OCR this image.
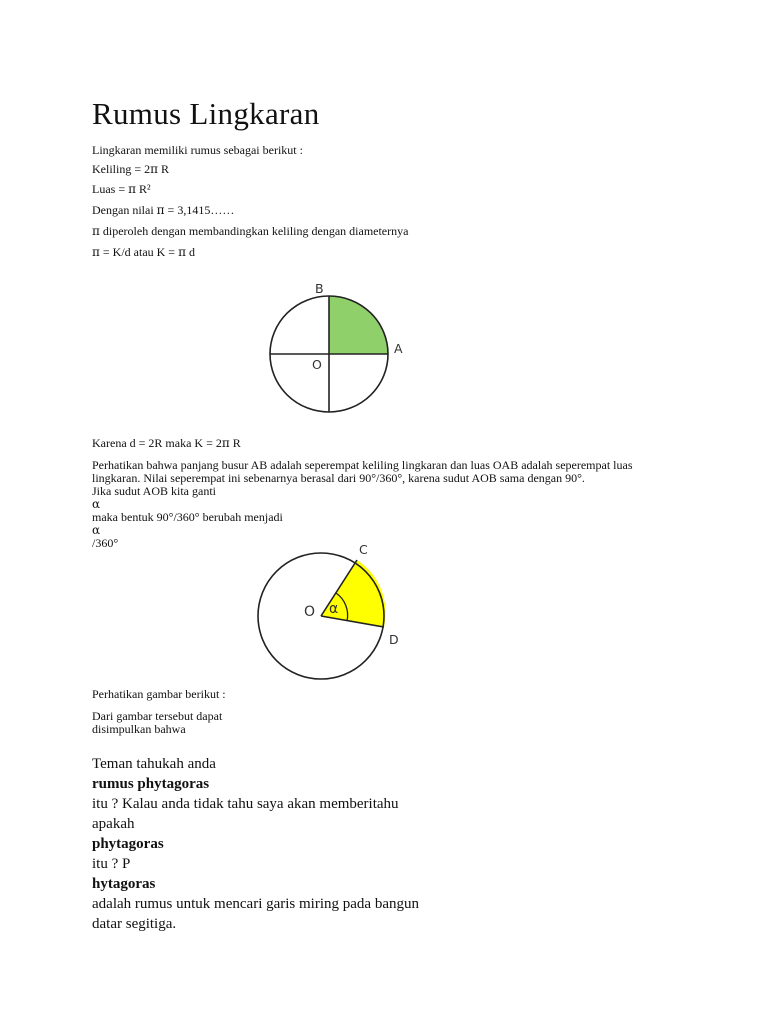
Rumus Lingkaran
Lingkaran memiliki rumus sebagai berikut :
Keliling = 2π R
Luas = π R²
Dengan nilai π = 3,1415……
π diperoleh dengan membandingkan keliling dengan diameternya
π = K/d atau K = π d
B
A
O
Karena d = 2R maka K = 2π R
Perhatikan bahwa panjang busur AB adalah seperempat keliling lingkaran dan luas OAB adalah seperempat luas
lingkaran. Nilai seperempat ini sebenarnya berasal dari 90°/360°, karena sudut AOB sama dengan 90°.
Jika sudut AOB kita ganti
α
maka bentuk 90°/360° berubah menjadi
α
/360°
O α
C
D
Perhatikan gambar berikut :
Dari gambar tersebut dapat
disimpulkan bahwa
Teman tahukah anda
rumus phytagoras
itu ? Kalau anda tidak tahu saya akan memberitahu
apakah
phytagoras
itu ? P
hytagoras
adalah rumus untuk mencari garis miring pada bangun
datar segitiga.
